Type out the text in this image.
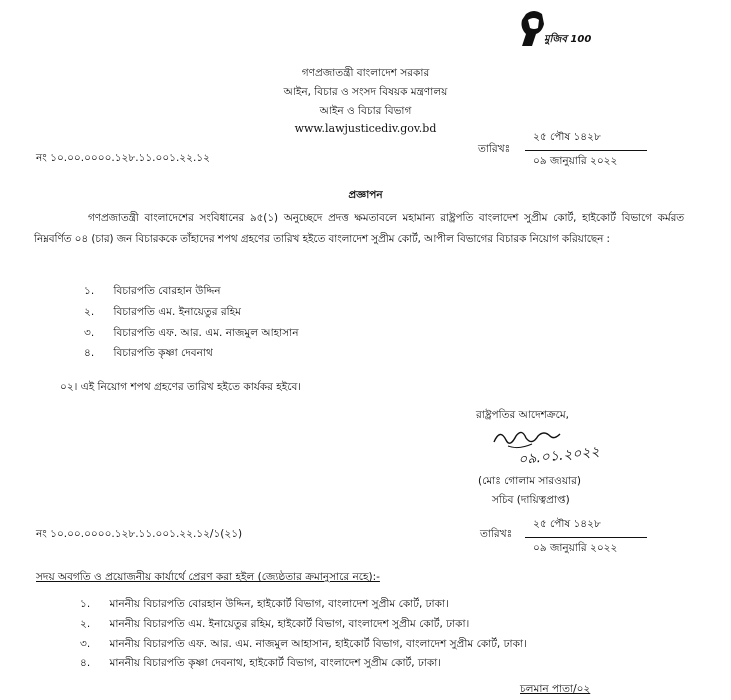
মুজিব 100
গণপ্রজাতন্ত্রী বাংলাদেশ সরকার
আইন, বিচার ও সংসদ বিষয়ক মন্ত্রণালয়
আইন ও বিচার বিভাগ
www.lawjusticediv.gov.bd
নং ১০.০০.০০০০.১২৮.১১.০০১.২২.১২
তারিখঃ
২৫ পৌষ ১৪২৮
০৯ জানুয়ারি ২০২২
প্রজ্ঞাপন
গণপ্রজাতন্ত্রী বাংলাদেশের সংবিধানের ৯৫(১) অনুচ্ছেদে প্রদত্ত ক্ষমতাবলে মহামান্য রাষ্ট্রপতি বাংলাদেশ সুপ্রীম কোর্ট, হাইকোর্ট বিভাগে কর্মরত নিম্নবর্ণিত ০৪ (চার) জন বিচারককে তাঁহাদের শপথ গ্রহণের তারিখ হইতে বাংলাদেশ সুপ্রীম কোর্ট, আপীল বিভাগের বিচারক নিয়োগ করিয়াছেন :
১. বিচারপতি বোরহান উদ্দিন
২. বিচারপতি এম. ইনায়েতুর রহিম
৩. বিচারপতি এফ. আর. এম. নাজমুল আহাসান
৪. বিচারপতি কৃষ্ণা দেবনাথ
০২। এই নিয়োগ শপথ গ্রহণের তারিখ হইতে কার্যকর হইবে।
রাষ্ট্রপতির আদেশক্রমে,
০৯.০১.২০২২
(মোঃ গোলাম সারওয়ার)
সচিব (দায়িত্বপ্রাপ্ত)
নং ১০.০০.০০০০.১২৮.১১.০০১.২২.১২/১(২১)	তারিখঃ
২৫ পৌষ ১৪২৮
০৯ জানুয়ারি ২০২২
সদয় অবগতি ও প্রয়োজনীয় কার্যার্থে প্রেরণ করা হইল (জ্যেষ্ঠতার ক্রমানুসারে নহে):-
১. মাননীয় বিচারপতি বোরহান উদ্দিন, হাইকোর্ট বিভাগ, বাংলাদেশ সুপ্রীম কোর্ট, ঢাকা।
২. মাননীয় বিচারপতি এম. ইনায়েতুর রহিম, হাইকোর্ট বিভাগ, বাংলাদেশ সুপ্রীম কোর্ট, ঢাকা।
৩. মাননীয় বিচারপতি এফ. আর. এম. নাজমুল আহাসান, হাইকোর্ট বিভাগ, বাংলাদেশ সুপ্রীম কোর্ট, ঢাকা।
৪. মাননীয় বিচারপতি কৃষ্ণা দেবনাথ, হাইকোর্ট বিভাগ, বাংলাদেশ সুপ্রীম কোর্ট, ঢাকা।
চলমান পাতা/০২
